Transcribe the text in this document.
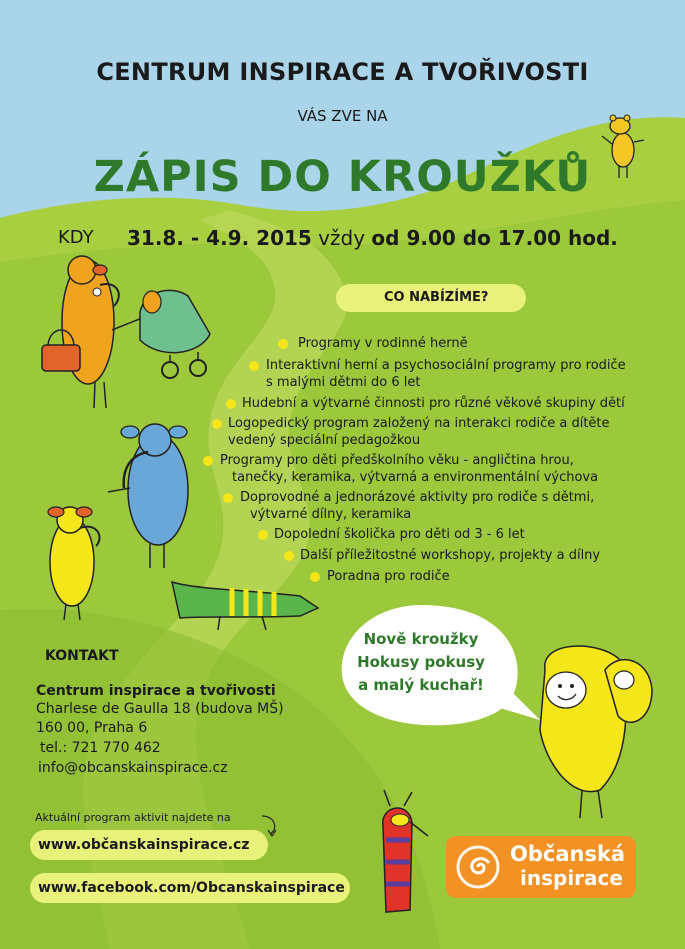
CENTRUM INSPIRACE A TVOŘIVOSTI
VÁS ZVE NA
ZÁPIS DO KROUŽKŮ
KDY 31.8. - 4.9. 2015 vždy od 9.00 do 17.00 hod.
CO NABÍZÍME?
Programy v rodinné herně
Interaktivní herní a psychosociální programy pro rodiče
s malými dětmi do 6 let
Hudební a výtvarné činnosti pro různé věkové skupiny dětí
Logopedický program založený na interakci rodiče a dítěte
vedený speciální pedagožkou
Programy pro děti předškolního věku - angličtina hrou,
tanečky, keramika, výtvarná a environmentální výchova
Doprovodné a jednorázové aktivity pro rodiče s dětmi,
výtvarné dílny, keramika
Dopolední školička pro děti od 3 - 6 let
Další příležitostné workshopy, projekty a dílny
Poradna pro rodiče
KONTAKT
Centrum inspirace a tvořivosti
Charlese de Gaulla 18 (budova MŠ)
160 00, Praha 6
tel.: 721 770 462
info@obcanskainspirace.cz
Aktuální program aktivit najdete na
www.občanskainspirace.cz
www.facebook.com/Obcanskainspirace
Nově kroužky
Hokusy pokusy
a malý kuchař!
Občanská
inspirace
